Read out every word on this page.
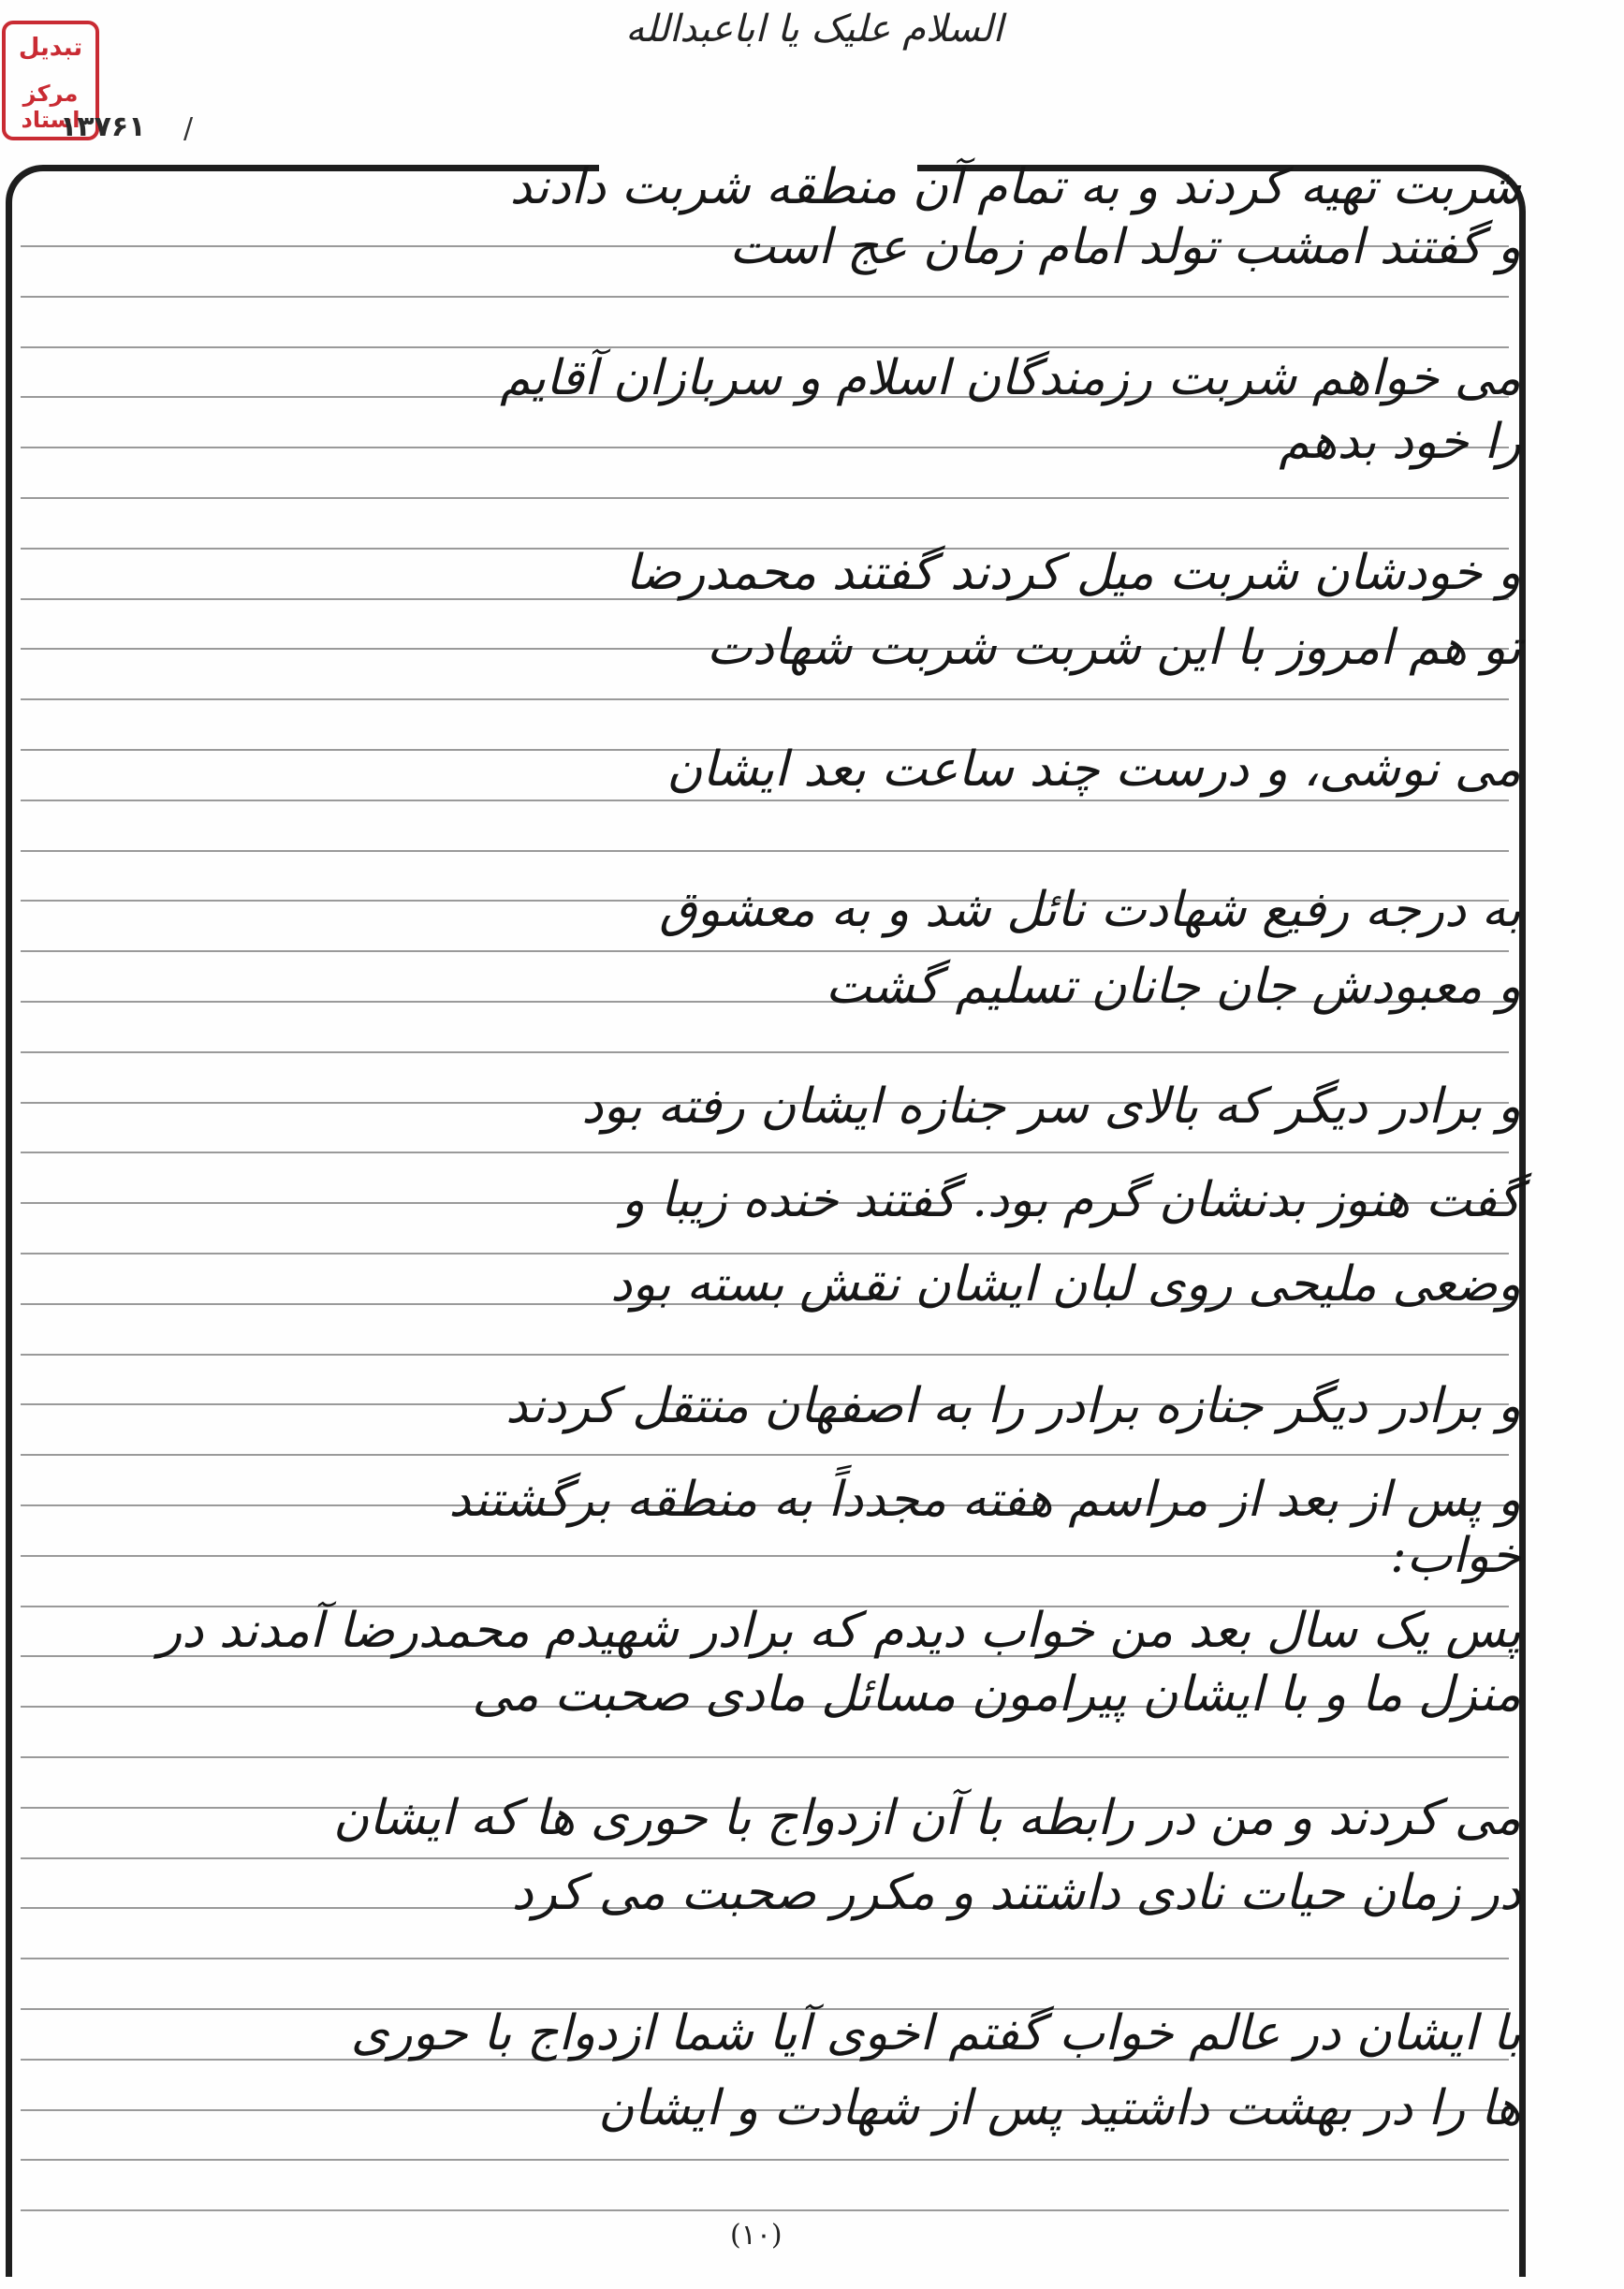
تبدیل
مرکز استاد
۱۳۷۶۱ /
السلام علیک یا اباعبدالله
شربت تهیه کردند و به تمام آن منطقه شربت دادند
و گفتند امشب تولد امام زمان عج است
می خواهم شربت رزمندگان اسلام و سربازان آقایم
را خود بدهم
و خودشان شربت میل کردند گفتند محمدرضا
تو هم امروز با این شربت شربت شهادت
می نوشی، و درست چند ساعت بعد ایشان
به درجه رفیع شهادت نائل شد و به معشوق
و معبودش جان جانان تسلیم گشت
و برادر دیگر که بالای سر جنازه ایشان رفته بود
گفت هنوز بدنشان گرم بود. گفتند خنده زیبا و
وضعی ملیحی روی لبان ایشان نقش بسته بود
و برادر دیگر جنازه برادر را به اصفهان منتقل کردند
و پس از بعد از مراسم هفته مجدداً به منطقه برگشتند
خواب:
پس یک سال بعد من خواب دیدم که برادر شهیدم محمدرضا آمدند در
منزل ما و با ایشان پیرامون مسائل مادی صحبت می
می کردند و من در رابطه با آن ازدواج با حوری ها که ایشان
در زمان حیات نادی داشتند و مکرر صحبت می کرد
با ایشان در عالم خواب گفتم اخوی آیا شما ازدواج با حوری
ها را در بهشت داشتید پس از شهادت و ایشان
(۱۰)
